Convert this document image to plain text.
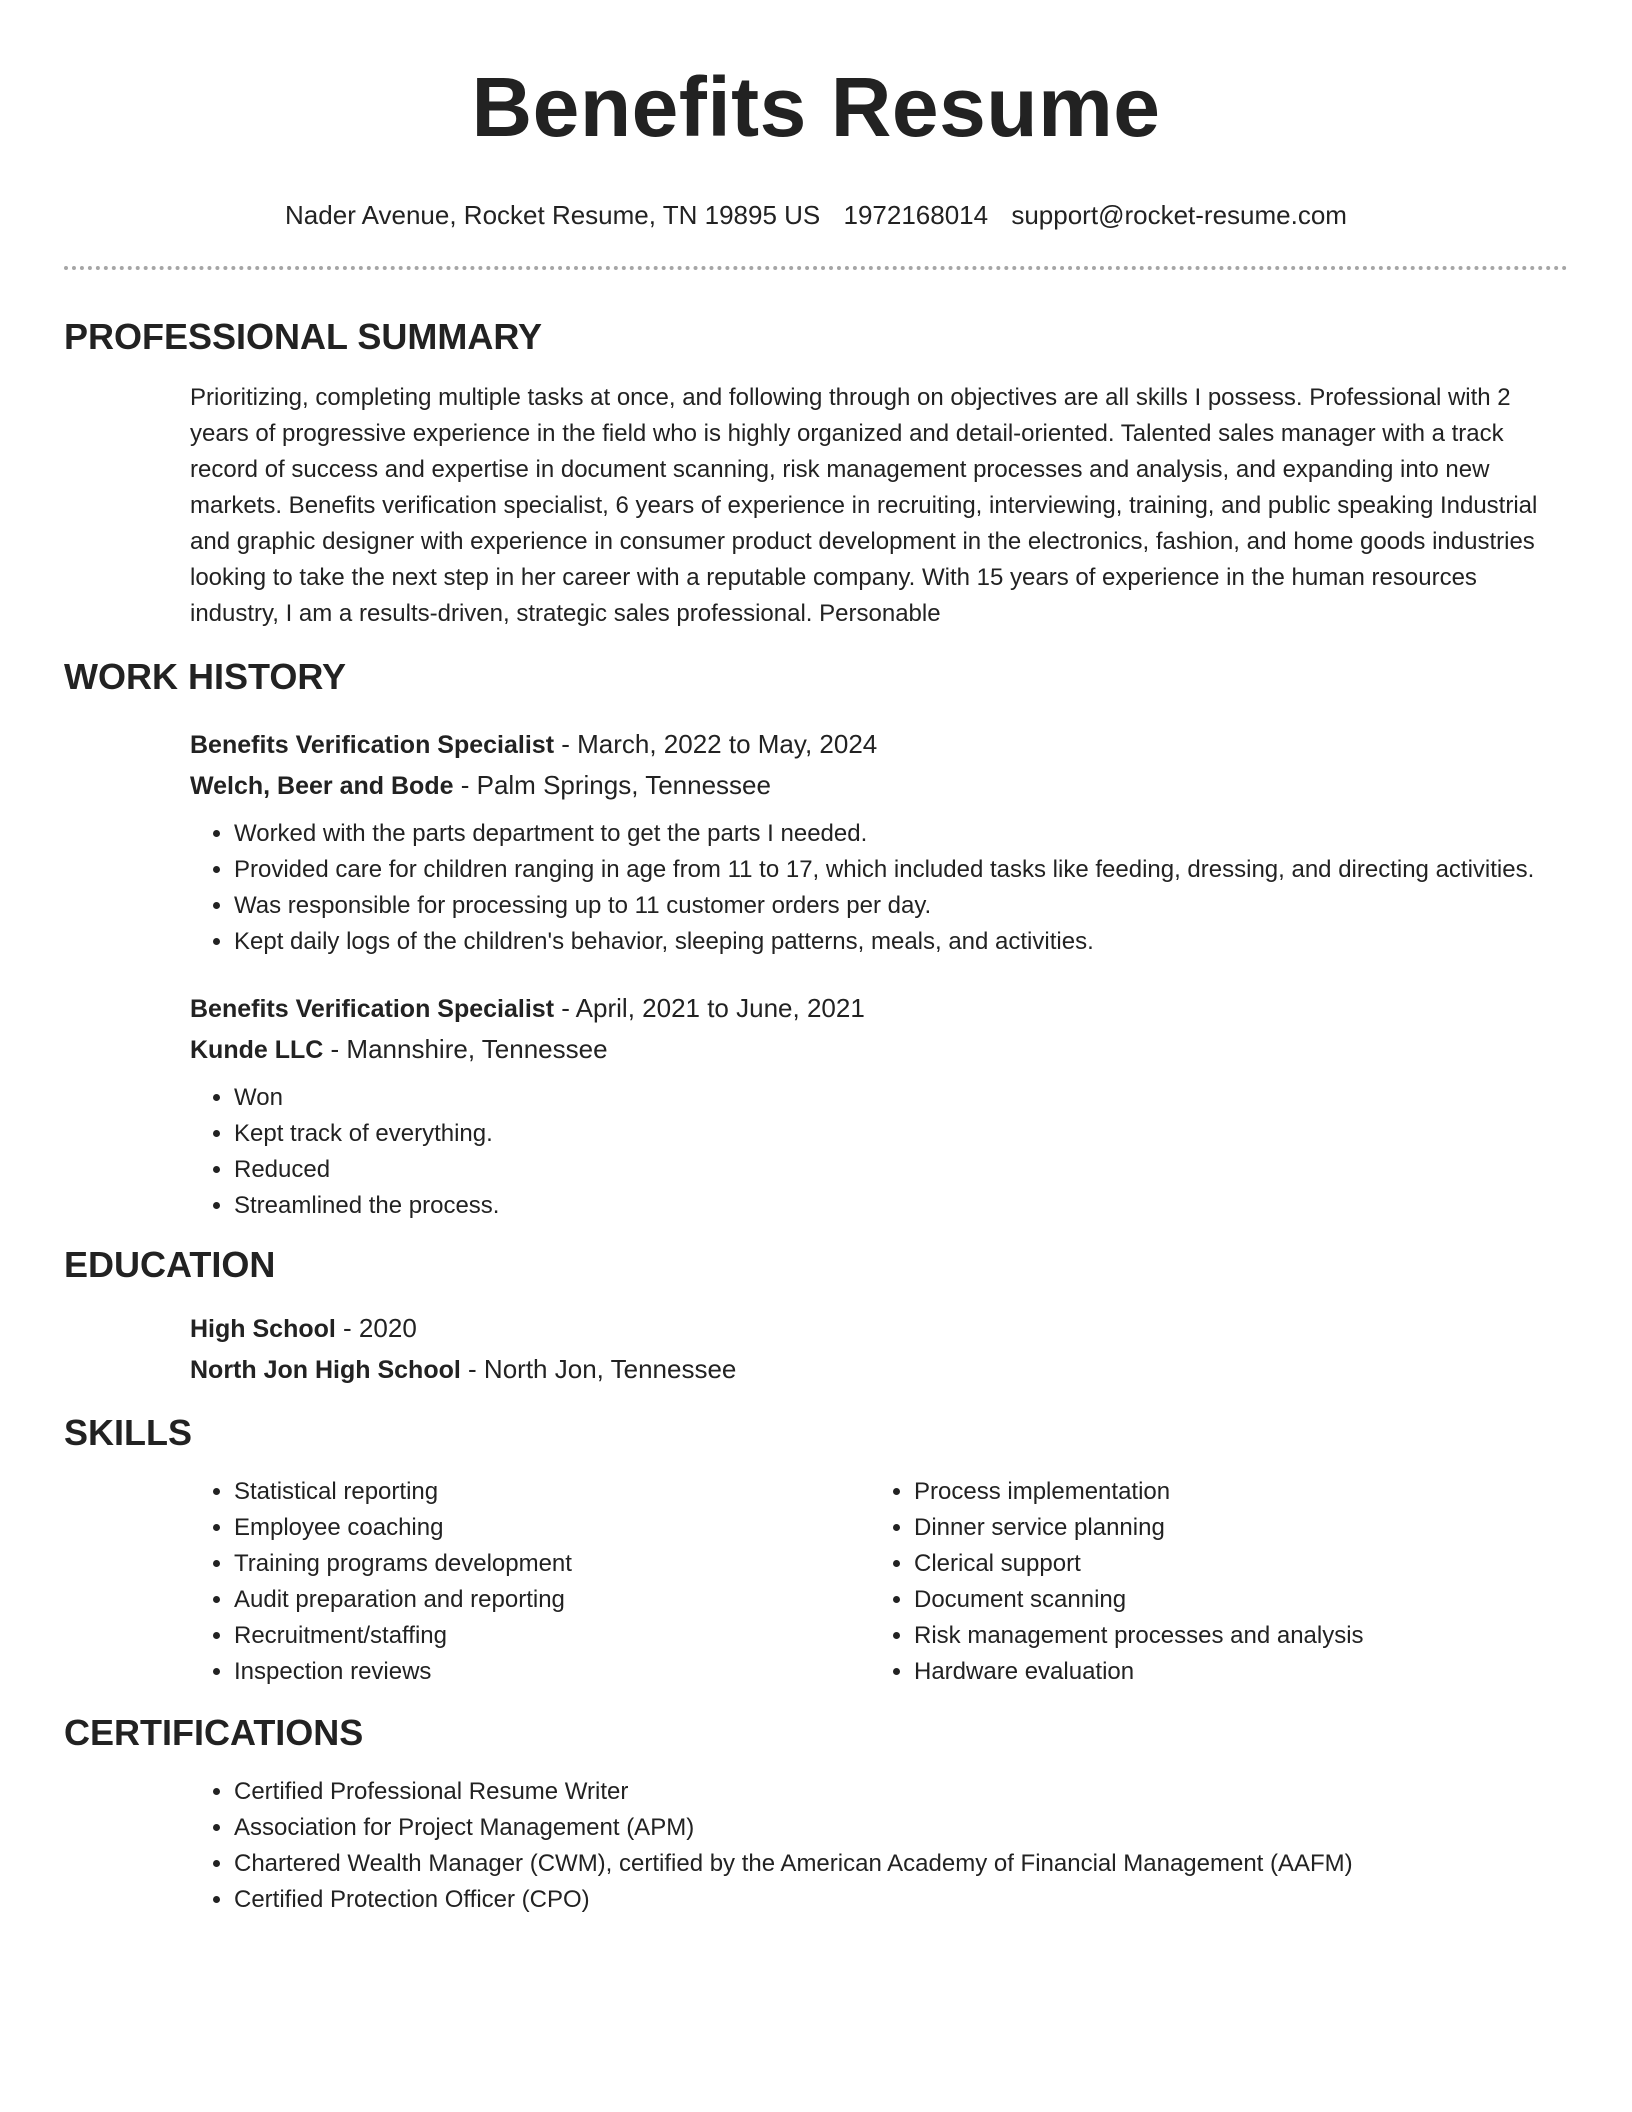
Benefits Resume
Nader Avenue, Rocket Resume, TN 19895 US 1972168014 support@rocket-resume.com
PROFESSIONAL SUMMARY
Prioritizing, completing multiple tasks at once, and following through on objectives are all skills I possess. Professional with 2 years of progressive experience in the field who is highly organized and detail-oriented. Talented sales manager with a track record of success and expertise in document scanning, risk management processes and analysis, and expanding into new markets. Benefits verification specialist, 6 years of experience in recruiting, interviewing, training, and public speaking Industrial and graphic designer with experience in consumer product development in the electronics, fashion, and home goods industries looking to take the next step in her career with a reputable company. With 15 years of experience in the human resources industry, I am a results-driven, strategic sales professional. Personable
WORK HISTORY
Benefits Verification Specialist - March, 2022 to May, 2024
Welch, Beer and Bode - Palm Springs, Tennessee
• Worked with the parts department to get the parts I needed.
• Provided care for children ranging in age from 11 to 17, which included tasks like feeding, dressing, and directing activities.
• Was responsible for processing up to 11 customer orders per day.
• Kept daily logs of the children's behavior, sleeping patterns, meals, and activities.
Benefits Verification Specialist - April, 2021 to June, 2021
Kunde LLC - Mannshire, Tennessee
• Won
• Kept track of everything.
• Reduced
• Streamlined the process.
EDUCATION
High School - 2020
North Jon High School - North Jon, Tennessee
SKILLS
• Statistical reporting
• Employee coaching
• Training programs development
• Audit preparation and reporting
• Recruitment/staffing
• Inspection reviews
• Process implementation
• Dinner service planning
• Clerical support
• Document scanning
• Risk management processes and analysis
• Hardware evaluation
CERTIFICATIONS
• Certified Professional Resume Writer
• Association for Project Management (APM)
• Chartered Wealth Manager (CWM), certified by the American Academy of Financial Management (AAFM)
• Certified Protection Officer (CPO)
